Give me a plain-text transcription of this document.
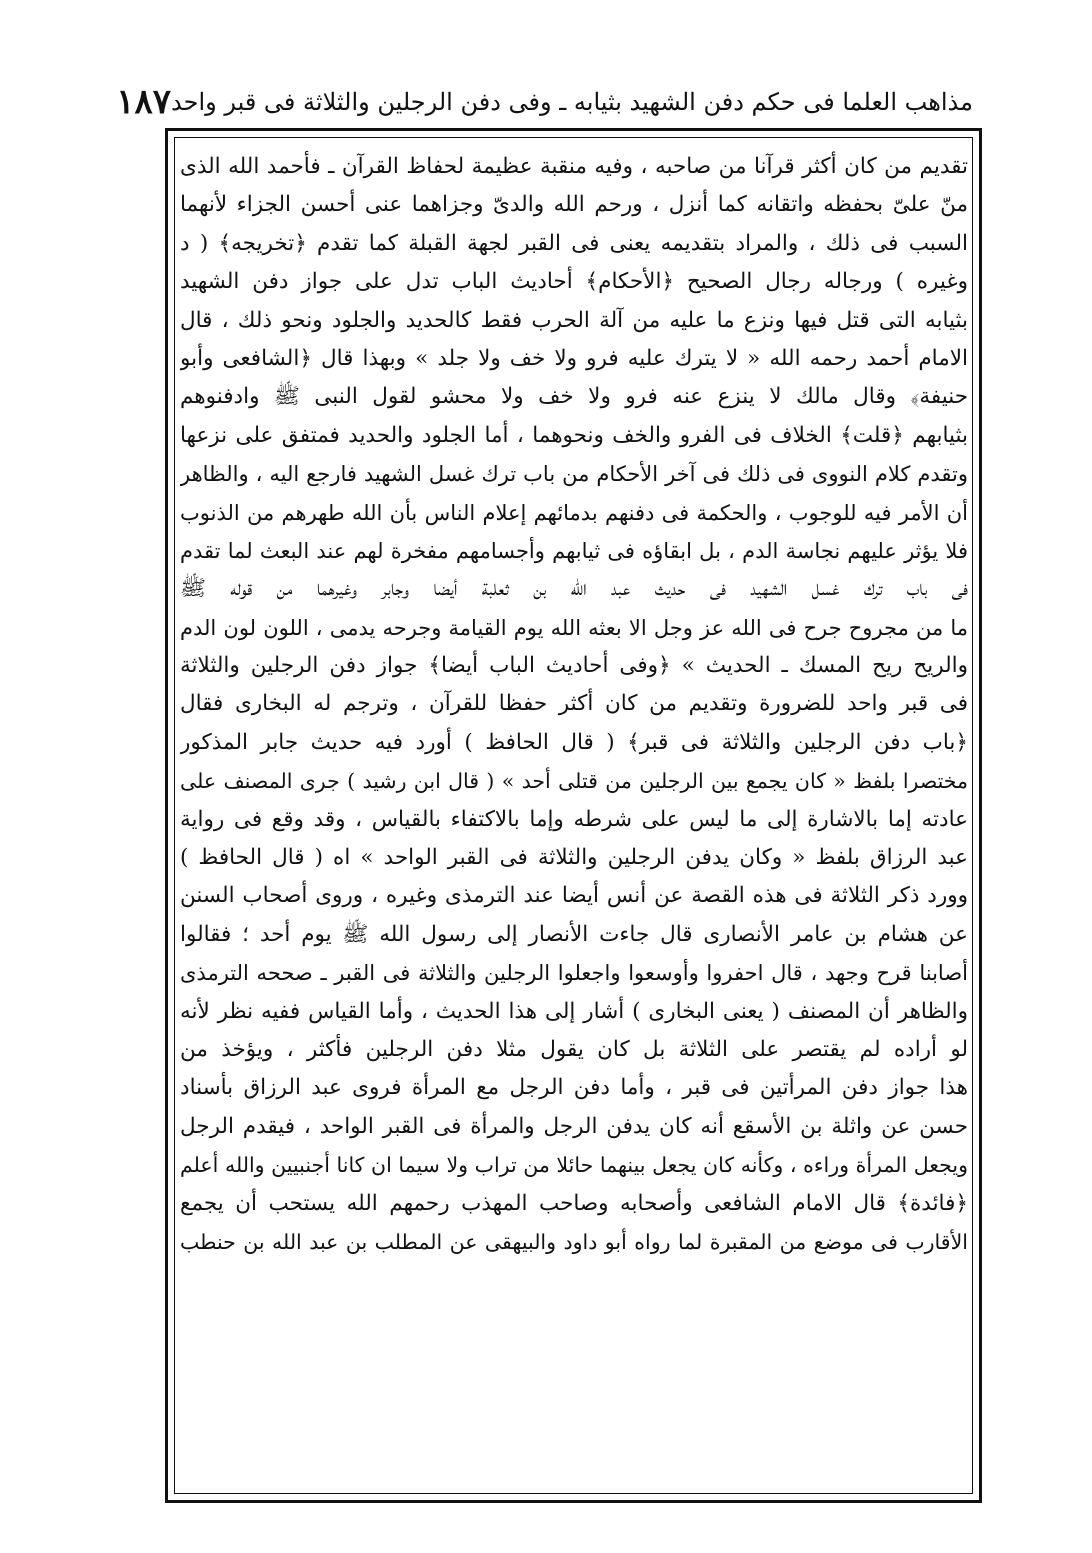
مذاهب العلما فى حكم دفن الشهيد بثيابه ـ وفى دفن الرجلين والثلاثة فى قبر واحد
١٨٧
تقديم من كان أكثر قرآنا من صاحبه ، وفيه منقبة عظيمة لحفاظ القرآن ـ فأحمد الله الذى
منّ علىّ بحفظه واتقانه كما أنزل ، ورحم الله والدىّ وجزاهما عنى أحسن الجزاء لأنهما
السبب فى ذلك ، والمراد بتقديمه يعنى فى القبر لجهة القبلة كما تقدم ﴿تخريجه﴾ ( د
وغيره ) ورجاله رجال الصحيح ﴿الأحكام﴾ أحاديث الباب تدل على جواز دفن الشهيد
بثيابه التى قتل فيها ونزع ما عليه من آلة الحرب فقط كالحديد والجلود ونحو ذلك ، قال
الامام أحمد رحمه الله « لا يترك عليه فرو ولا خف ولا جلد » وبهذا قال ﴿الشافعى وأبو
حنيفة﴾ وقال مالك لا ينزع عنه فرو ولا خف ولا محشو لقول النبى ﷺ وادفنوهم
بثيابهم ﴿قلت﴾ الخلاف فى الفرو والخف ونحوهما ، أما الجلود والحديد فمتفق على نزعها
وتقدم كلام النووى فى ذلك فى آخر الأحكام من باب ترك غسل الشهيد فارجع اليه ، والظاهر
أن الأمر فيه للوجوب ، والحكمة فى دفنهم بدمائهم إعلام الناس بأن الله طهرهم من الذنوب
فلا يؤثر عليهم نجاسة الدم ، بل ابقاؤه فى ثيابهم وأجسامهم مفخرة لهم عند البعث لما تقدم
فى باب ترك غسل الشهيد فى حديث عبد الله بن ثعلبة أيضا وجابر وغيرهما من قوله ﷺ
ما من مجروح جرح فى الله عز وجل الا بعثه الله يوم القيامة وجرحه يدمى ، اللون لون الدم
والريح ريح المسك ـ الحديث » ﴿وفى أحاديث الباب أيضا﴾ جواز دفن الرجلين والثلاثة
فى قبر واحد للضرورة وتقديم من كان أكثر حفظا للقرآن ، وترجم له البخارى فقال
﴿باب دفن الرجلين والثلاثة فى قبر﴾ ( قال الحافظ ) أورد فيه حديث جابر المذكور
مختصرا بلفظ « كان يجمع بين الرجلين من قتلى أحد » ( قال ابن رشيد ) جرى المصنف على
عادته إما بالاشارة إلى ما ليس على شرطه وإما بالاكتفاء بالقياس ، وقد وقع فى رواية
عبد الرزاق بلفظ « وكان يدفن الرجلين والثلاثة فى القبر الواحد » اه ( قال الحافظ )
وورد ذكر الثلاثة فى هذه القصة عن أنس أيضا عند الترمذى وغيره ، وروى أصحاب السنن
عن هشام بن عامر الأنصارى قال جاءت الأنصار إلى رسول الله ﷺ يوم أحد ؛ فقالوا
أصابنا قرح وجهد ، قال احفروا وأوسعوا واجعلوا الرجلين والثلاثة فى القبر ـ صححه الترمذى
والظاهر أن المصنف ( يعنى البخارى ) أشار إلى هذا الحديث ، وأما القياس ففيه نظر لأنه
لو أراده لم يقتصر على الثلاثة بل كان يقول مثلا دفن الرجلين فأكثر ، ويؤخذ من
هذا جواز دفن المرأتين فى قبر ، وأما دفن الرجل مع المرأة فروى عبد الرزاق بأسناد
حسن عن واثلة بن الأسقع أنه كان يدفن الرجل والمرأة فى القبر الواحد ، فيقدم الرجل
ويجعل المرأة وراءه ، وكأنه كان يجعل بينهما حائلا من تراب ولا سيما ان كانا أجنبيين والله أعلم
﴿فائدة﴾ قال الامام الشافعى وأصحابه وصاحب المهذب رحمهم الله يستحب أن يجمع
الأقارب فى موضع من المقبرة لما رواه أبو داود والبيهقى عن المطلب بن عبد الله بن حنطب
